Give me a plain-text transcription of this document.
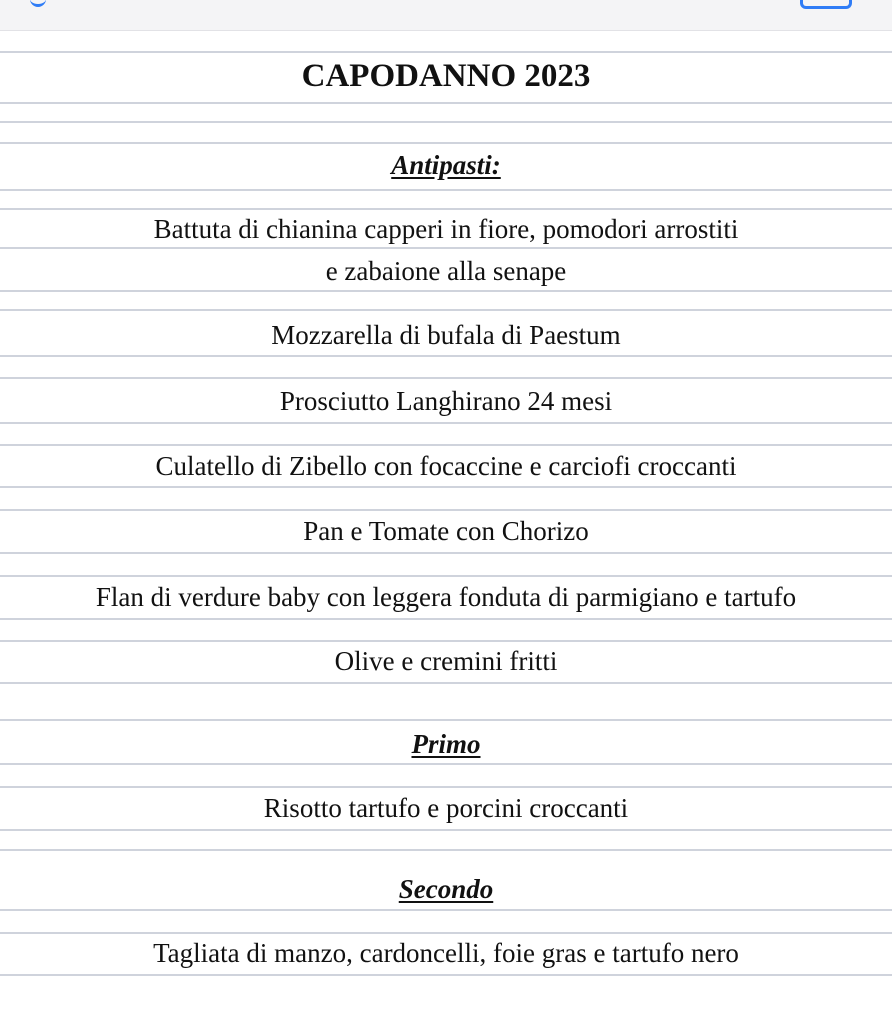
CAPODANNO 2023
Antipasti:
Battuta di chianina capperi in fiore, pomodori arrostiti
e zabaione alla senape
Mozzarella di bufala di Paestum
Prosciutto Langhirano 24 mesi
Culatello di Zibello con focaccine e carciofi croccanti
Pan e Tomate con Chorizo
Flan di verdure baby con leggera fonduta di parmigiano e tartufo
Olive e cremini fritti
Primo
Risotto tartufo e porcini croccanti
Secondo
Tagliata di manzo, cardoncelli, foie gras e tartufo nero
